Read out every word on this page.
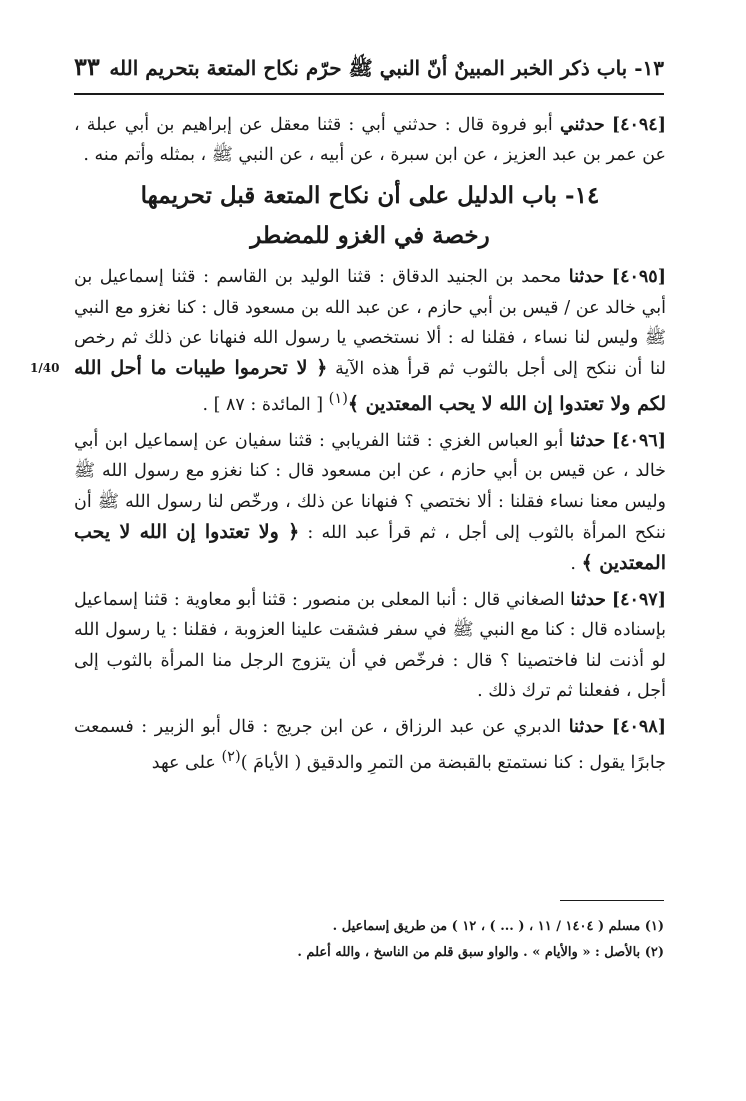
١٣- باب ذكر الخبر المبينٌ أنّ النبي ﷺ حرّم نكاح المتعة بتحريم الله
٣٣
1/40

[٤٠٩٤] حدثني أبو فروة قال : حدثني أبي : قثنا معقل عن إبراهيم بن أبي عبلة ، عن عمر بن عبد العزيز ، عن ابن سبرة ، عن أبيه ، عن النبي ﷺ ، بمثله وأتم منه .

١٤- باب الدليل على أن نكاح المتعة قبل تحريمها
رخصة في الغزو للمضطر

[٤٠٩٥] حدثنا محمد بن الجنيد الدقاق : قثنا الوليد بن القاسم : قثنا إسماعيل بن أبي خالد عن / قيس بن أبي حازم ، عن عبد الله بن مسعود قال : كنا نغزو مع النبي ﷺ وليس لنا نساء ، فقلنا له : ألا نستخصي يا رسول الله فنهانا عن ذلك ثم رخص لنا أن ننكح إلى أجل بالثوب ثم قرأ هذه الآية ﴿ لا تحرموا طيبات ما أحل الله لكم ولا تعتدوا إن الله لا يحب المعتدين ﴾$^{(١)}$ [ المائدة : ٨٧ ] .

[٤٠٩٦] حدثنا أبو العباس الغزي : قثنا الفريابي : قثنا سفيان عن إسماعيل ابن أبي خالد ، عن قيس بن أبي حازم ، عن ابن مسعود قال : كنا نغزو مع رسول الله ﷺ وليس معنا نساء فقلنا : ألا نختصي ؟ فنهانا عن ذلك ، ورخّص لنا رسول الله ﷺ أن ننكح المرأة بالثوب إلى أجل ، ثم قرأ عبد الله : ﴿ ولا تعتدوا إن الله لا يحب المعتدين ﴾ .

[٤٠٩٧] حدثنا الصغاني قال : أنبا المعلى بن منصور : قثنا أبو معاوية : قثنا إسماعيل بإسناده قال : كنا مع النبي ﷺ في سفر فشقت علينا العزوبة ، فقلنا : يا رسول الله لو أذنت لنا فاختصينا ؟ قال : فرخّص في أن يتزوج الرجل منا المرأة بالثوب إلى أجل ، ففعلنا ثم ترك ذلك .

[٤٠٩٨] حدثنا الدبري عن عبد الرزاق ، عن ابن جريج : قال أبو الزبير : فسمعت جابرًا يقول : كنا نستمتع بالقبضة من التمرِ والدقيق ( الأيامَ )$^{(٢)}$ على عهد

(١) مسلم ( ١٤٠٤ / ١١ ، ( ... ) ، ١٢ ) من طريق إسماعيل .
(٢) بالأصل : « والأيام » . والواو سبق قلم من الناسخ ، والله أعلم .
